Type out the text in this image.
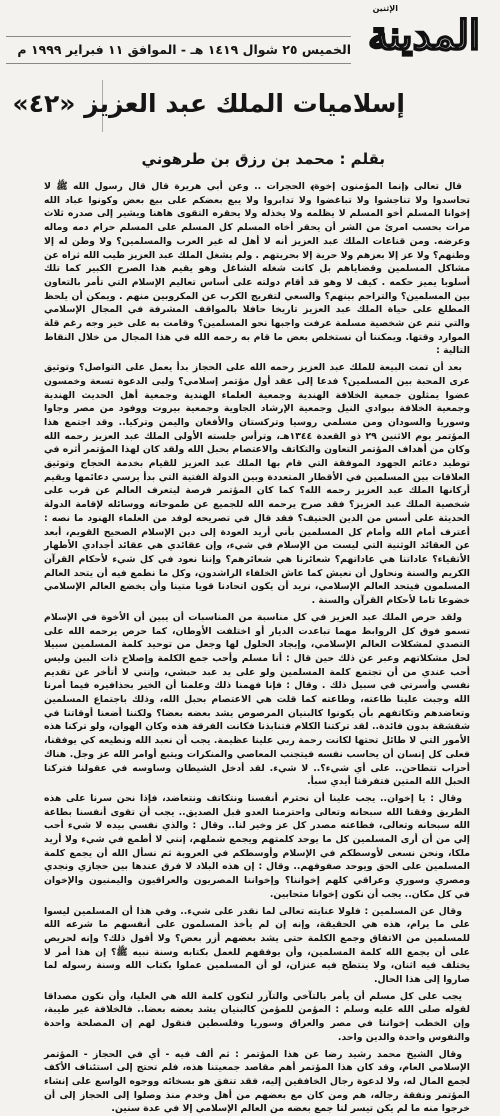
الخميس ٢٥ شوال ١٤١٩ هـ - الموافق ١١ فبراير ١٩٩٩ م
الإثنين
المدينة
إسلاميات الملك عبد العزيز «٤٢»
بقلم : محمد بن رزق بن طرهوني

قال تعالى ﴿إنما المؤمنون إخوة﴾ الحجرات .. وعن أبي هريرة قال قال رسول الله ﷺ لا تحاسدوا ولا تناجشوا ولا تباغضوا ولا تدابروا ولا يبع بعضكم على بيع بعض وكونوا عباد الله إخوانا المسلم أخو المسلم لا يظلمه ولا يخذله ولا يحقره التقوى هاهنا ويشير إلى صدره ثلاث مرات بحسب امرئ من الشر أن يحقر أخاه المسلم كل المسلم على المسلم حرام دمه وماله وعرضه. ومن قناعات الملك عبد العزيز أنه لا أهل له غير العرب والمسلمين؟ ولا وطن له إلا وطنهم؟ ولا عز إلا بعزهم ولا حرية إلا بحريتهم . ولم يشغل الملك عبد العزيز طيب الله ثراه عن مشاكل المسلمين وقضاياهم بل كانت شغله الشاغل وهو يقيم هذا الصرح الكبير كما تلك أسلوبا يميز حكمه . كيف لا وهو قد أقام دولته على أساس تعاليم الإسلام التي تأمر بالتعاون بين المسلمين؟ والتراحم بينهم؟ والسعي لتفريج الكرب عن المكروبين منهم . ويمكن أن يلحظ المطلع على حياة الملك عبد العزيز تاريخا حافلا بالمواقف المشرفة في المجال الإسلامي والتي تنم عن شخصية مسلمة عرفت واجبها نحو المسلمين؟ وقامت به على خير وجه رغم قلة الموارد وقتها. ويمكننا أن نستخلص بعض ما قام به رحمه الله في هذا المجال من خلال النقاط التالية :

بعد أن تمت البيعة للملك عبد العزيز رحمه الله على الحجاز بدأ يعمل على التواصل؟ وتوثيق عرى المحبة بين المسلمين؟ فدعا إلى عقد أول مؤتمر إسلامي؟ ولبى الدعوة تسعة وخمسون عضوا يمثلون جمعية الخلافة الهندية وجمعية العلماء الهندية وجمعية أهل الحديث الهندية وجمعية الخلافة ببوادي النيل وجمعية الإرشاد الجاوية وجمعية بيروت ووفود من مصر وجاوا وسوريا والسودان ومن مسلمي روسيا وتركستان والأفغان واليمن وتركيا.. وقد اجتمع هذا المؤتمر يوم الاثنين ٢٩ ذو القعدة ١٣٤٤هـ، وترأس جلسته الأولى الملك عبد العزيز رحمه الله وكان من أهداف المؤتمر التعاون والتكاتف والاعتصام بحبل الله ولقد كان لهذا المؤتمر أثره في توطيد دعائم الجهود الموفقة التي قام بها الملك عبد العزيز للقيام بخدمة الحجاج وتوثيق العلاقات بين المسلمين في الأقطار المتعددة وبين الدولة الفتية التي بدأ يرسي دعائمها ويقيم أركانها الملك عبد العزيز رحمه الله؟ كما كان المؤتمر فرصة ليتعرف العالم عن قرب على شخصية الملك عبد العزيز؟ فقد صرح يرحمه الله للجميع عن طموحاته ووسائله لإقامة الدولة الحديثة على أسس من الدين الحنيف؟ فقد قال في تصريحه لوفد من العلماء الهنود ما نصه : أعترف أمام الله وأمام كل المسلمين بأني أريد العودة إلى دين الإسلام الصحيح القويم، أبعد عن العقائد الوثنية التي ليست من الإسلام في شيء، وإن عقائدي هي عقائد أجدادي الأطهار الأتقياء؟ عاداتنا هي عاداتهم؟ شعائرنا هي شعائرهم؟ وإننا نعود في كل شيء لأحكام القرآن الكريم والسنة ونحاول أن نعيش كما عاش الخلفاء الراشدون، وكل ما نطمع فيه أن يتحد العالم المسلمون فيتحد العالم الإسلامي، نريد أن يكون اتحادنا قويا متينا وأن يخضع العالم الإسلامي خضوعا تاما لأحكام القرآن والسنة .

ولقد حرص الملك عبد العزيز في كل مناسبة من المناسبات أن يبين أن الأخوة في الإسلام تسمو فوق كل الروابط مهما تباعدت الديار أو اختلفت الأوطان، كما حرص يرحمه الله على التصدي لمشكلات العالم الإسلامي، وإيجاد الحلول لها وجعل من توحيد كلمة المسلمين سبيلا لحل مشكلاتهم وعبر عن ذلك حين قال : أنا مسلم وأحب جمع الكلمة وإصلاح ذات البين وليس أحب عندي من أن تجتمع كلمة المسلمين ولو على يد عبد حبشي، وإنني لا أتأخر عن تقديم نفسي وأسرتي في سبيل ذلك . وقال : فإنا فهمنا ذلك وعلمنا أن الخير بحذافيره فيما أمرنا الله وجبت علينا طاعته، وطاعته كما قلت هي الاعتصام بحبل الله، وذلك باجتماع المسلمين وتعاضدهم وتكاتفهم بأن يكونوا كالبنيان المرصوص يشد بعضه بعضا؟ ولكننا أضعنا أوقاتنا في شقشقة بدون فائدة.. لقد تركتنا الكلام فتنابذنا فكانت الفرقة هذه وكان الهوان، ولو تركنا هذه الأمور التي لا طائل تحتها لكانت رحمة ربي علينا عظيمة. يجب أن نعبد الله ونطيعه كي يوفقنا، فعلى كل إنسان أن يحاسب نفسه فيتجنب المعاصي والمنكرات ويتبع أوامر الله عز وجل. هناك أحزاب تتطاحن.. على أي شيء؟.. لا شيء. لقد أدخل الشيطان وساوسه في عقولنا فتركنا الحبل الله المتين فتفرقنا أيدي سبأ.

وقال : يا إخوان.. يجب علينا أن نحترم أنفسنا ونتكاتف ونتعاضد، فإذا نحن سرنا على هذه الطريق وفقنا الله سبحانه وتعالى واحترمنا العدو قبل الصديق.. يجب أن تقوى أنفسنا بطاعة الله سبحانه وتعالى، فطاعته مصدر كل عز وخير لنا.. وقال : والذي نفسي بيده لا شيء أحب إلي من أن أرى المسلمين كل ما يوحد كلمتهم ويجمع شملهم، إنني لا أطمع في شيء ولا أريد ملكا، ونحن نسعى لأوسطكم في الإسلام وأوسطكم في العروبة ثم نسأل الله أن يجمع كلمة المسلمين على الحق ويوحد صفوفهم.. وقال : إن هذه البلاد لا فرق عندها بين حجازي ونجدي ومصري وسوري وعراقي كلهم إخواننا؟ وإخواننا المصريون والعراقيون واليمنيون والإخوان في كل مكان.. يجب أن نكون إخوانا متحابين.

وقال عن المسلمين : فلولا عنايته تعالى لما نقدر على شيء.. وفي هذا أن المسلمين ليسوا على ما يرام، هذه هي الحقيقة، وإنه إن لم يأخذ المسلمون على أنفسهم ما شرعه الله للمسلمين من الاتفاق وجمع الكلمة حتى يشد بعضهم أزر بعض؟ ولا أقول ذلك؟ وإنه لحريص على أن يجمع الله كلمة المسلمين، وأن يوفقهم للعمل بكتابه وسنة نبيه ﷺ؟ إن هذا أمر لا يختلف فيه اثنان، ولا ينتطح فيه عنزان، لو أن المسلمين عملوا بكتاب الله وسنة رسوله لما صاروا إلى هذا الحال.

يجب على كل مسلم أن يأمر بالتآخي والتآزر لتكون كلمة الله هي العليا، وأن نكون مصداقا لقوله صلى الله عليه وسلم : المؤمن للمؤمن كالبنيان يشد بعضه بعضا.. فالخلافة غير طيبة، وإن الخطب إخواننا في مصر والعراق وسوريا وفلسطين فنقول لهم إن المصلحة واحدة والنفوس واحدة والدين واحد.

وقال الشيخ محمد رشيد رضا عن هذا المؤتمر : ثم ألف فيه - أي في الحجاز - المؤتمر الإسلامي العام، وقد كان هذا المؤتمر أهم مقاصد جمعيتنا هذه، فلم تحتج إلى استئناف الأكف لجمع المال له، ولا لدعوة رجال الخافقين إليه، فقد تنفق هو بسخائه ووجوه الواسع على إنشاء المؤتمر ونفقة رجاله، هم ومن كان مع بعضهم من أهل وخدم منذ وصلوا إلى الحجاز إلى أن خرجوا منه ما لم يكن تيسر لنا جمع بعضه من العالم الإسلامي إلا في عدة سنين.
